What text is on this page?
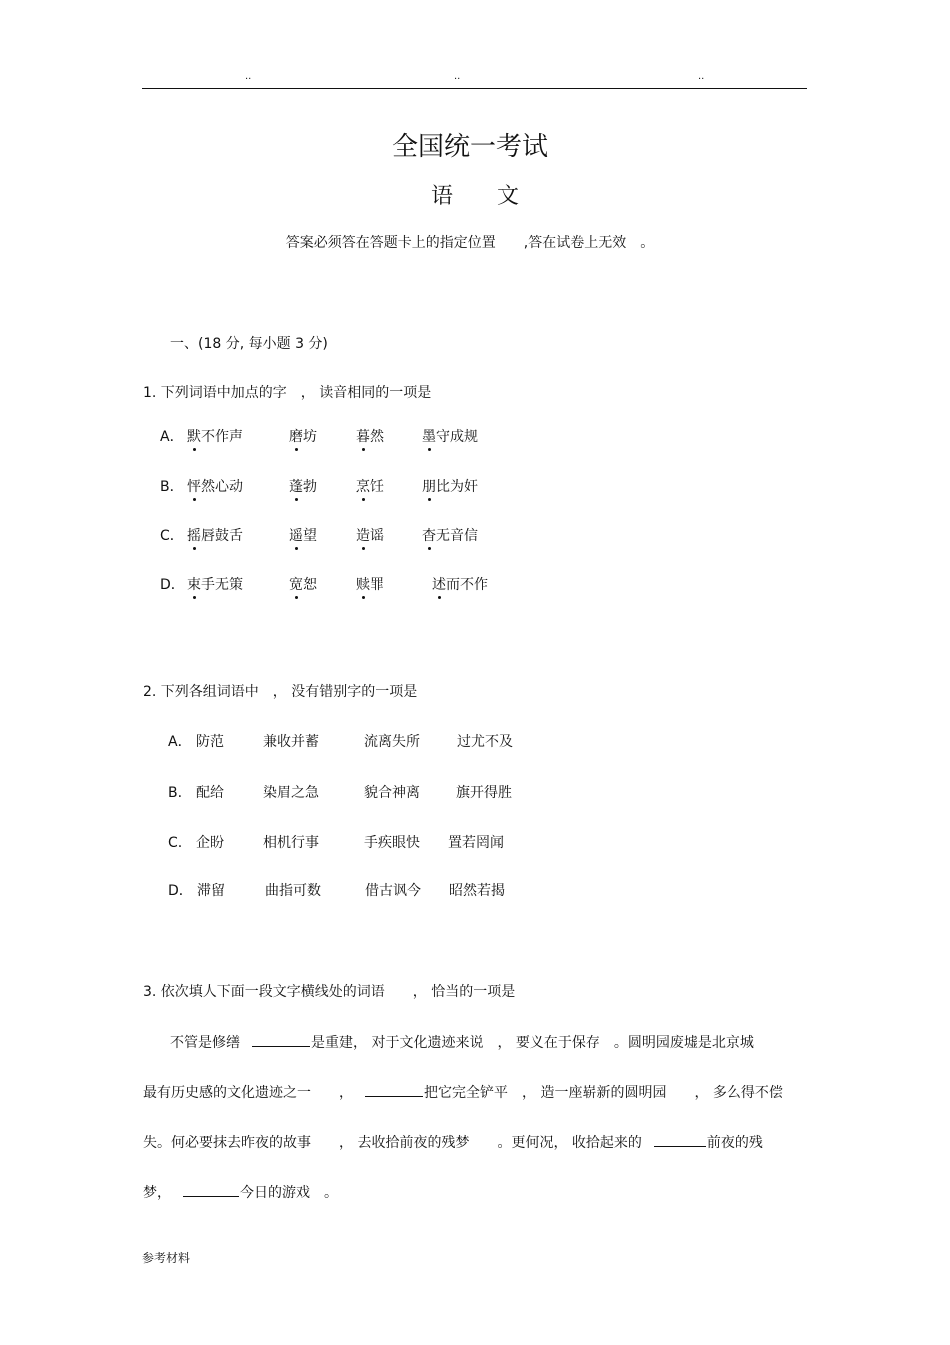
..	..	..
全国统一考试
语　　文
答案必须答在答题卡上的指定位置　　,答在试卷上无效　。
一、(18 分, 每小题 3 分)
1. 下列词语中加点的字　， 读音相同的一项是
A． 默不作声	磨坊	暮然	墨守成规
B． 怦然心动	蓬勃	烹饪	朋比为奸
C． 摇唇鼓舌	遥望	造谣	杳无音信
D． 束手无策	宽恕	赎罪	述而不作
2. 下列各组词语中　， 没有错别字的一项是
A． 防范	兼收并蓄	流离失所	过尤不及
B. 配给	染眉之急	貌合神离	旗开得胜
C. 企盼	相机行事	手疾眼快 置若罔闻
D． 滞留	曲指可数	借古讽今 昭然若揭
3. 依次填人下面一段文字横线处的词语　　， 恰当的一项是
不管是修缮	是重建， 对于文化遗迹来说　， 要义在于保存　。圆明园废墟是北京城
最有历史感的文化遗迹之一　　，	把它完全铲平　， 造一座崭新的圆明园　　， 多么得不偿
失。何必要抹去昨夜的故事　　， 去收拾前夜的残梦　　。更何况， 收拾起来的	前夜的残
梦，	今日的游戏　。
参考材料
